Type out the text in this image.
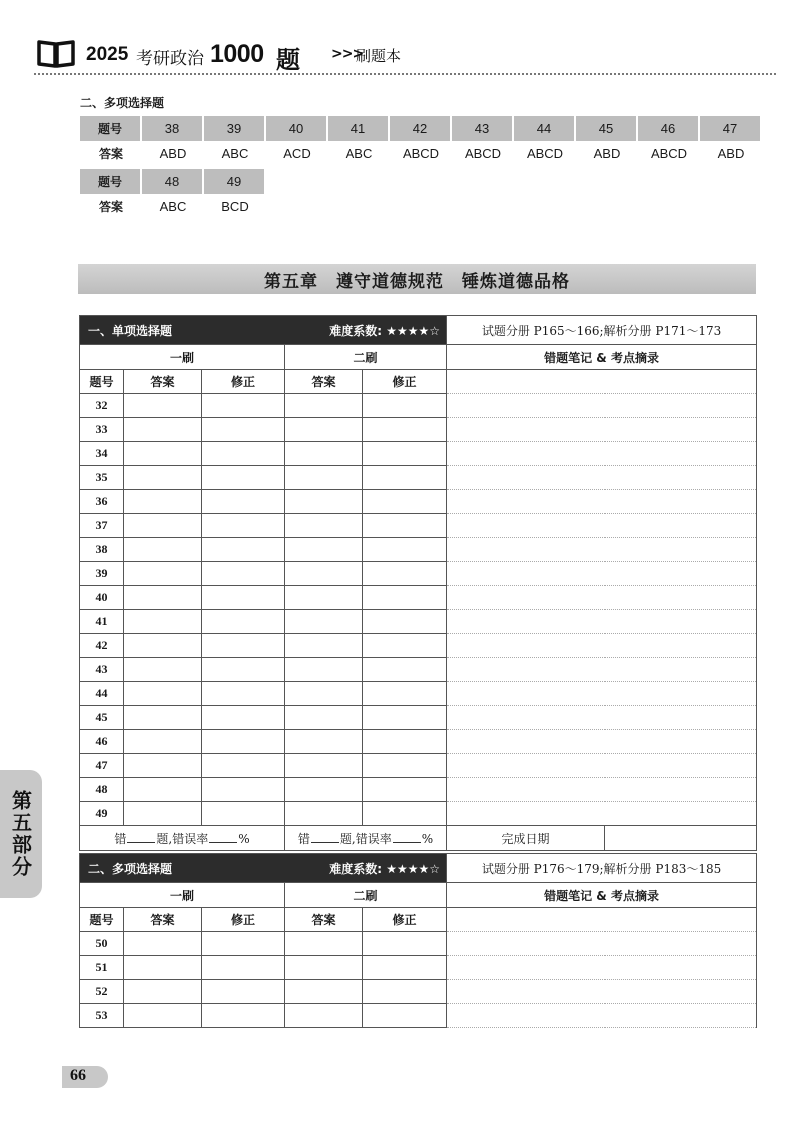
2025 考研政治 1000 题 >>>
刷题本
二、多项选择题
题号	38	39	40	41	42	43	44	45	46	47
答案	ABD	ABC	ACD	ABC	ABCD	ABCD	ABCD	ABD	ABCD	ABD
题号	48	49
答案	ABC	BCD
第五章　遵守道德规范　锤炼道德品格
一、单项选择题			难度系数: ★★★★☆		试题分册 P165～166;解析分册 P171～173	
一刷			二刷		错题笔记 & 考点摘录	
题号	答案	修正	答案	修正		
32						
33						
34						
35						
36						
37						
38						
39						
40						
41						
42						
43						
44						
45						
46						
47						
48						
49						
错 题,错误率 %			错 题,错误率 %		完成日期	
二、多项选择题			难度系数: ★★★★☆		试题分册 P176～179;解析分册 P183～185
一刷			二刷		错题笔记 & 考点摘录
题号	答案	修正	答案	修正	
50					
51					
52					
53					
第五部分
66
